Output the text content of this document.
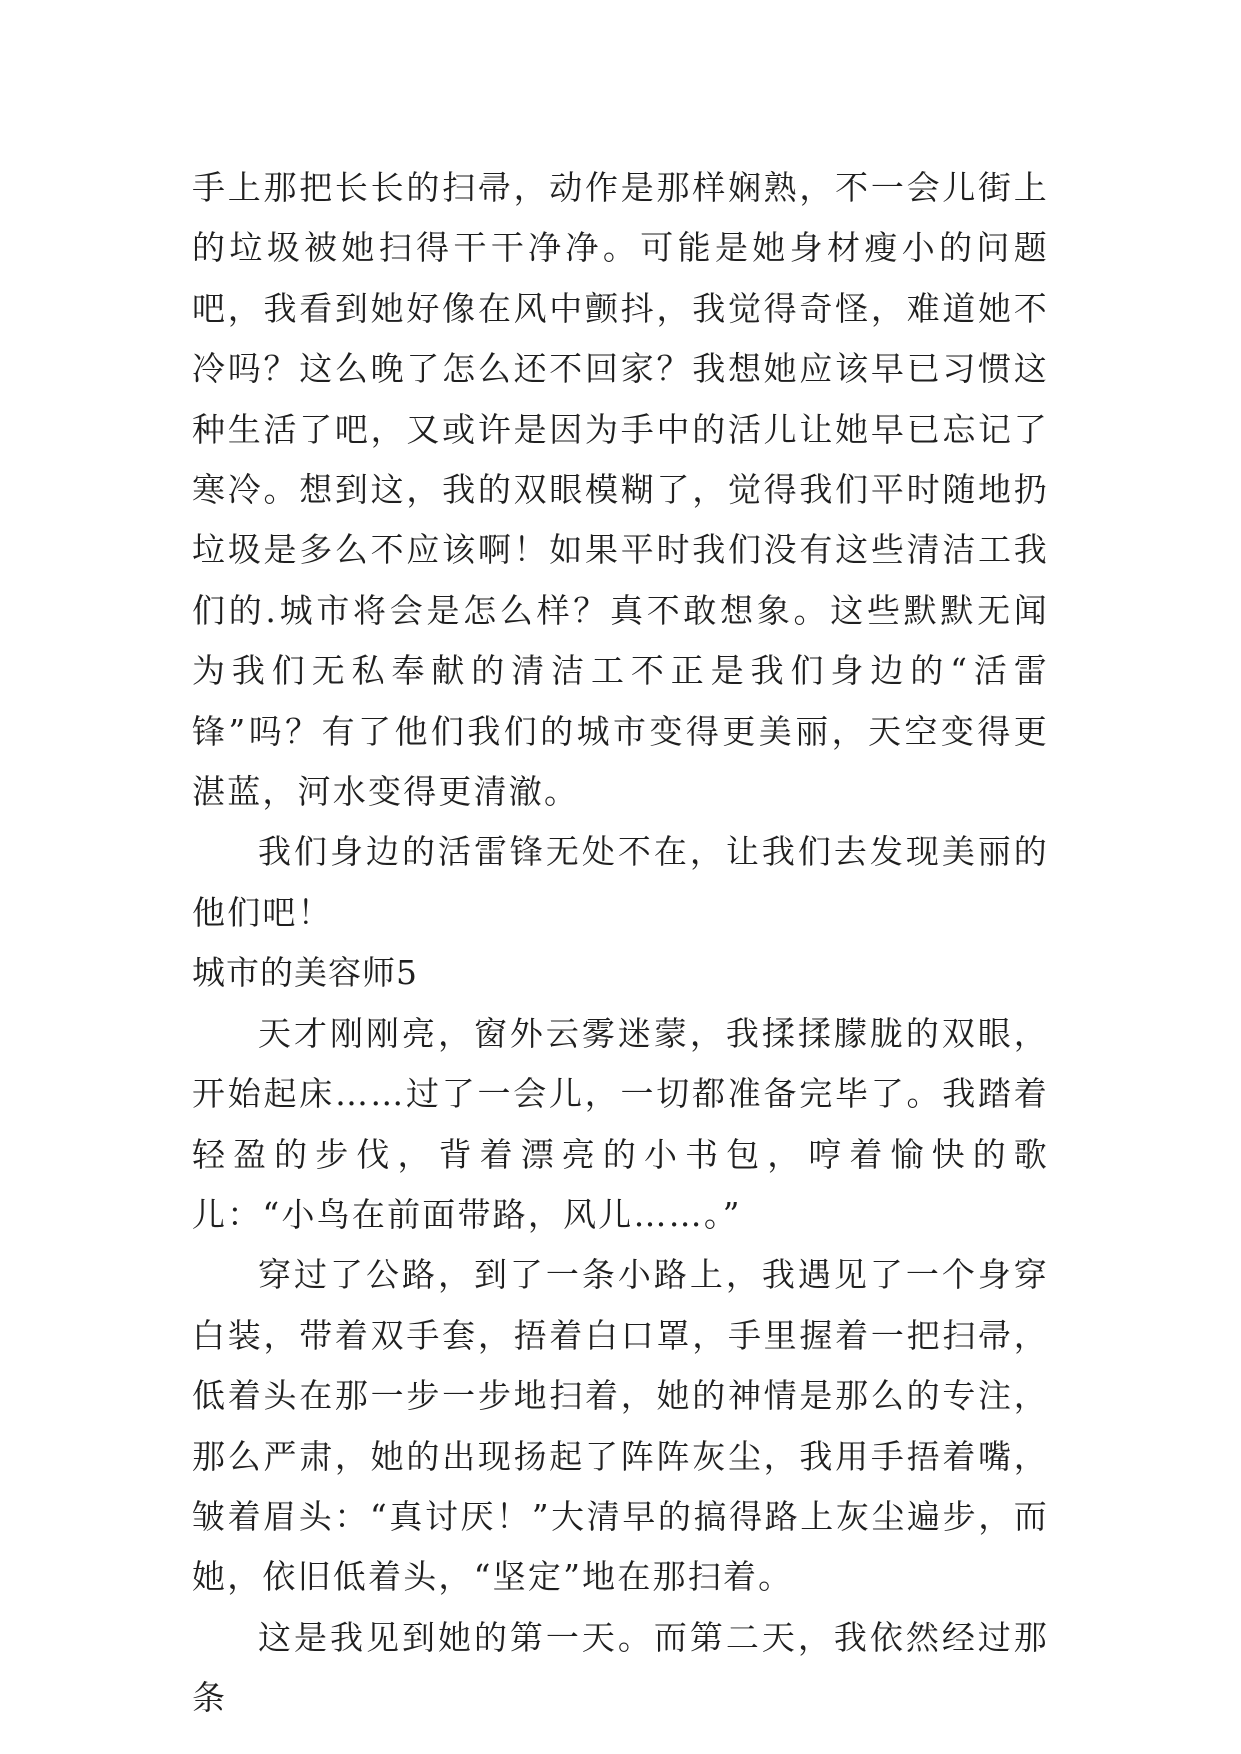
手上那把长长的扫帚，动作是那样娴熟，不一会儿街上的垃圾被她扫得干干净净。可能是她身材瘦小的问题吧，我看到她好像在风中颤抖，我觉得奇怪，难道她不冷吗？这么晚了怎么还不回家？我想她应该早已习惯这种生活了吧，又或许是因为手中的活儿让她早已忘记了寒冷。想到这，我的双眼模糊了，觉得我们平时随地扔垃圾是多么不应该啊！如果平时我们没有这些清洁工我们的.城市将会是怎么样？真不敢想象。这些默默无闻为我们无私奉献的清洁工不正是我们身边的“活雷锋”吗？有了他们我们的城市变得更美丽，天空变得更湛蓝，河水变得更清澈。

我们身边的活雷锋无处不在，让我们去发现美丽的他们吧！

城市的美容师5

天才刚刚亮，窗外云雾迷蒙，我揉揉朦胧的双眼，开始起床……过了一会儿，一切都准备完毕了。我踏着轻盈的步伐，背着漂亮的小书包，哼着愉快的歌儿：“小鸟在前面带路，风儿……。”

穿过了公路，到了一条小路上，我遇见了一个身穿白装，带着双手套，捂着白口罩，手里握着一把扫帚，低着头在那一步一步地扫着，她的神情是那么的专注，那么严肃，她的出现扬起了阵阵灰尘，我用手捂着嘴，皱着眉头：“真讨厌！”大清早的搞得路上灰尘遍步，而她，依旧低着头，“坚定”地在那扫着。

这是我见到她的第一天。而第二天，我依然经过那条
